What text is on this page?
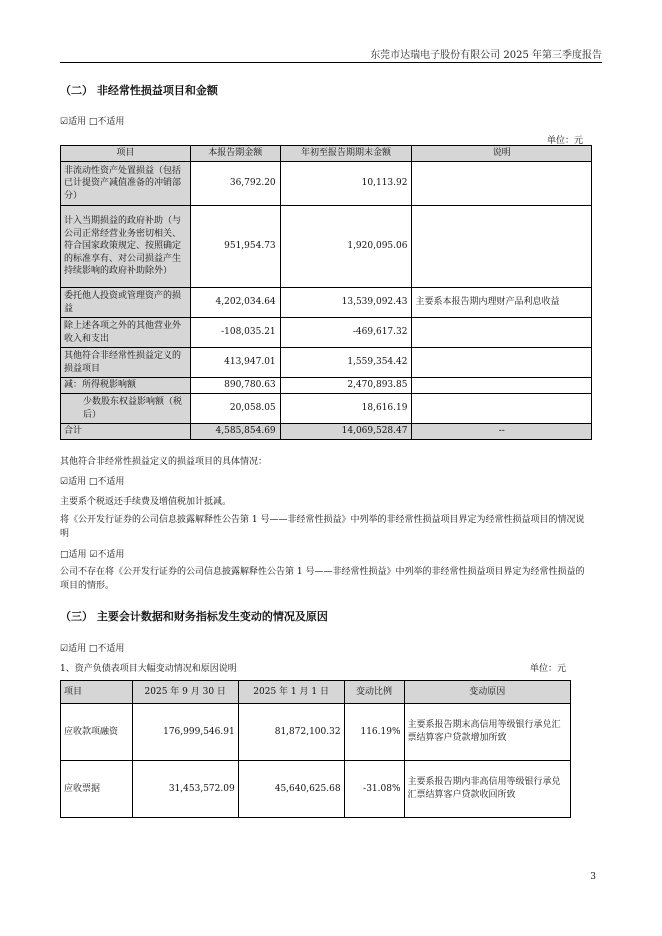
东莞市达瑞电子股份有限公司 2025 年第三季度报告
（二） 非经常性损益项目和金额
☑适用 □不适用
单位：元
项目	本报告期金额	年初至报告期期末金额	说明
非流动性资产处置损益（包括已计提资产减值准备的冲销部分）	36,792.20	10,113.92	
计入当期损益的政府补助（与公司正常经营业务密切相关、符合国家政策规定、按照确定的标准享有、对公司损益产生持续影响的政府补助除外）	951,954.73	1,920,095.06	
委托他人投资或管理资产的损益	4,202,034.64	13,539,092.43	主要系本报告期内理财产品利息收益
除上述各项之外的其他营业外收入和支出	-108,035.21	-469,617.32	
其他符合非经常性损益定义的损益项目	413,947.01	1,559,354.42	
减：所得税影响额	890,780.63	2,470,893.85	
少数股东权益影响额（税后）	20,058.05	18,616.19	
合计	4,585,854.69	14,069,528.47	--
其他符合非经常性损益定义的损益项目的具体情况：
☑适用 □不适用
主要系个税返还手续费及增值税加计抵减。
将《公开发行证券的公司信息披露解释性公告第 1 号——非经常性损益》中列举的非经常性损益项目界定为经常性损益项目的情况说明
□适用 ☑不适用
公司不存在将《公开发行证券的公司信息披露解释性公告第 1 号——非经常性损益》中列举的非经常性损益项目界定为经常性损益的项目的情形。
（三） 主要会计数据和财务指标发生变动的情况及原因
☑适用 □不适用
1、资产负债表项目大幅变动情况和原因说明	单位：元
项目	2025 年 9 月 30 日	2025 年 1 月 1 日	变动比例	变动原因
应收款项融资	176,999,546.91	81,872,100.32	116.19%	主要系报告期末高信用等级银行承兑汇票结算客户贷款增加所致
应收票据	31,453,572.09	45,640,625.68	-31.08%	主要系报告期内非高信用等级银行承兑汇票结算客户贷款收回所致
3
